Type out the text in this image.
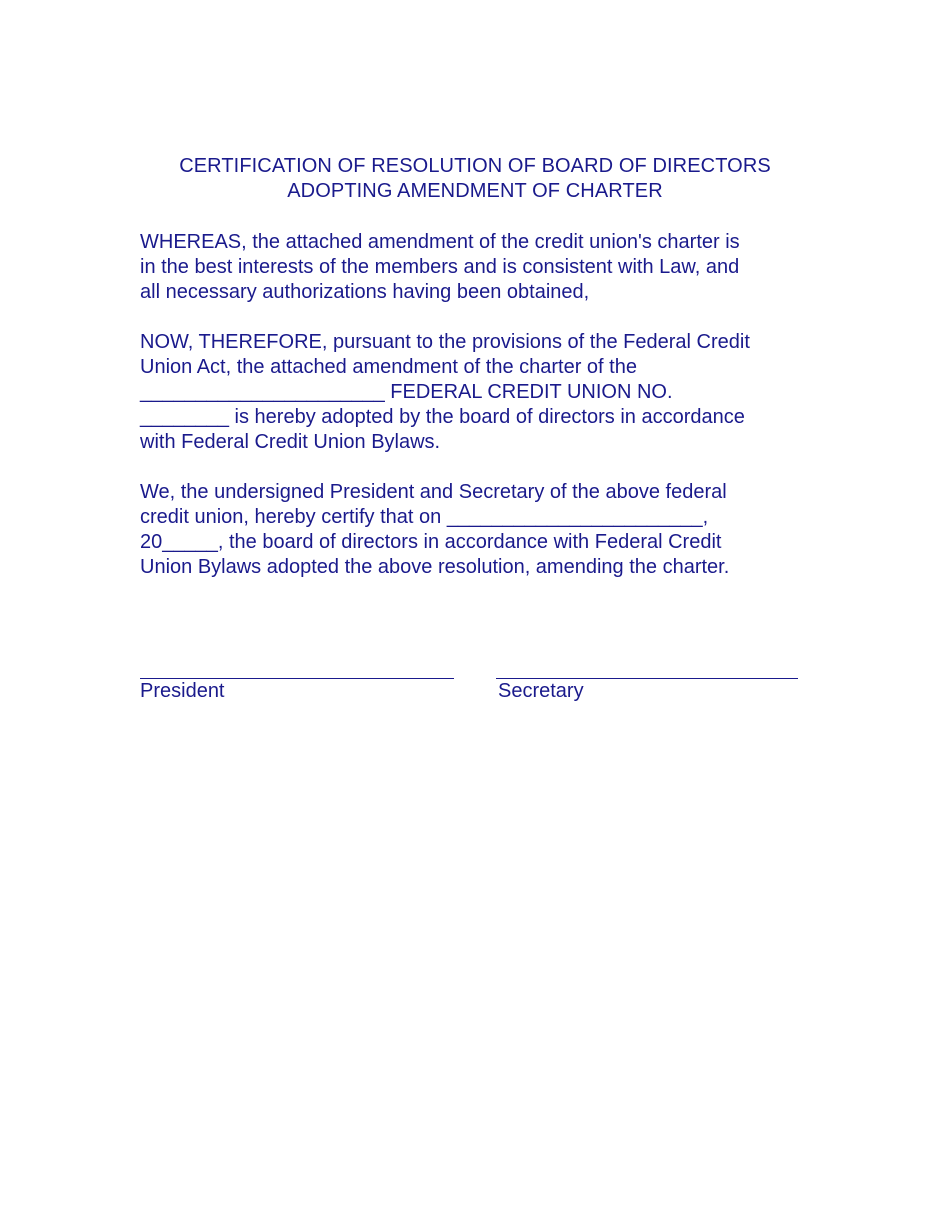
CERTIFICATION OF RESOLUTION OF BOARD OF DIRECTORS
ADOPTING AMENDMENT OF CHARTER
WHEREAS, the attached amendment of the credit union's charter is
in the best interests of the members and is consistent with Law, and
all necessary authorizations having been obtained,
NOW, THEREFORE, pursuant to the provisions of the Federal Credit
Union Act, the attached amendment of the charter of the
______________________ FEDERAL CREDIT UNION NO.
________ is hereby adopted by the board of directors in accordance
with Federal Credit Union Bylaws.
We, the undersigned President and Secretary of the above federal
credit union, hereby certify that on _______________________,
20_____, the board of directors in accordance with Federal Credit
Union Bylaws adopted the above resolution, amending the charter.
President	Secretary
